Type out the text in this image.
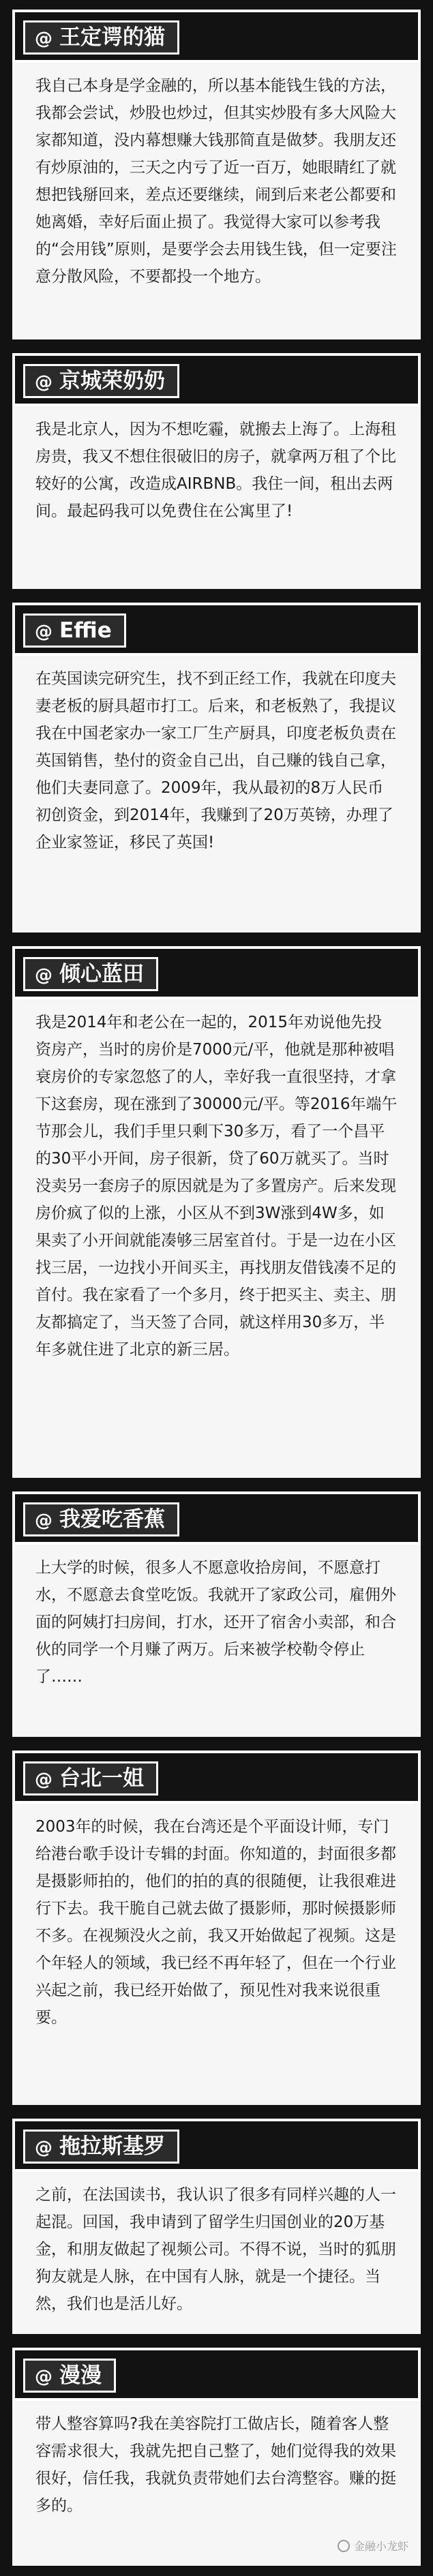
@ 王定谔的猫
我自己本身是学金融的，所以基本能钱生钱的方法，我都会尝试，炒股也炒过，但其实炒股有多大风险大家都知道，没内幕想赚大钱那简直是做梦。我朋友还有炒原油的，三天之内亏了近一百万，她眼睛红了就想把钱掰回来，差点还要继续，闹到后来老公都要和她离婚，幸好后面止损了。我觉得大家可以参考我的“会用钱”原则，是要学会去用钱生钱，但一定要注意分散风险，不要都投一个地方。
@ 京城荣奶奶
我是北京人，因为不想吃霾，就搬去上海了。上海租房贵，我又不想住很破旧的房子，就拿两万租了个比较好的公寓，改造成AIRBNB。我住一间，租出去两间。最起码我可以免费住在公寓里了!
@ Effie
在英国读完研究生，找不到正经工作，我就在印度夫妻老板的厨具超市打工。后来，和老板熟了，我提议我在中国老家办一家工厂生产厨具，印度老板负责在英国销售，垫付的资金自己出，自己赚的钱自己拿，他们夫妻同意了。2009年，我从最初的8万人民币初创资金，到2014年，我赚到了20万英镑，办理了企业家签证，移民了英国!
@ 倾心蓝田
我是2014年和老公在一起的，2015年劝说他先投资房产，当时的房价是7000元/平，他就是那种被唱衰房价的专家忽悠了的人，幸好我一直很坚持，才拿下这套房，现在涨到了30000元/平。等2016年端午节那会儿，我们手里只剩下30多万，看了一个昌平的30平小开间，房子很新，贷了60万就买了。当时没卖另一套房子的原因就是为了多置房产。后来发现房价疯了似的上涨，小区从不到3W涨到4W多，如果卖了小开间就能凑够三居室首付。于是一边在小区找三居，一边找小开间买主，再找朋友借钱凑不足的首付。我在家看了一个多月，终于把买主、卖主、朋友都搞定了，当天签了合同，就这样用30多万，半年多就住进了北京的新三居。
@ 我爱吃香蕉
上大学的时候，很多人不愿意收拾房间，不愿意打水，不愿意去食堂吃饭。我就开了家政公司，雇佣外面的阿姨打扫房间，打水，还开了宿舍小卖部，和合伙的同学一个月赚了两万。后来被学校勒令停止了……
@ 台北一姐
2003年的时候，我在台湾还是个平面设计师，专门给港台歌手设计专辑的封面。你知道的，封面很多都是摄影师拍的，他们的拍的真的很随便，让我很难进行下去。我干脆自己就去做了摄影师，那时候摄影师不多。在视频没火之前，我又开始做起了视频。这是个年轻人的领域，我已经不再年轻了，但在一个行业兴起之前，我已经开始做了，预见性对我来说很重要。
@ 拖拉斯基罗
之前，在法国读书，我认识了很多有同样兴趣的人一起混。回国，我申请到了留学生归国创业的20万基金，和朋友做起了视频公司。不得不说，当时的狐朋狗友就是人脉，在中国有人脉，就是一个捷径。当然，我们也是活儿好。
@ 漫漫
带人整容算吗?我在美容院打工做店长，随着客人整容需求很大，我就先把自己整了，她们觉得我的效果很好，信任我，我就负责带她们去台湾整容。赚的挺多的。
金融小龙虾
